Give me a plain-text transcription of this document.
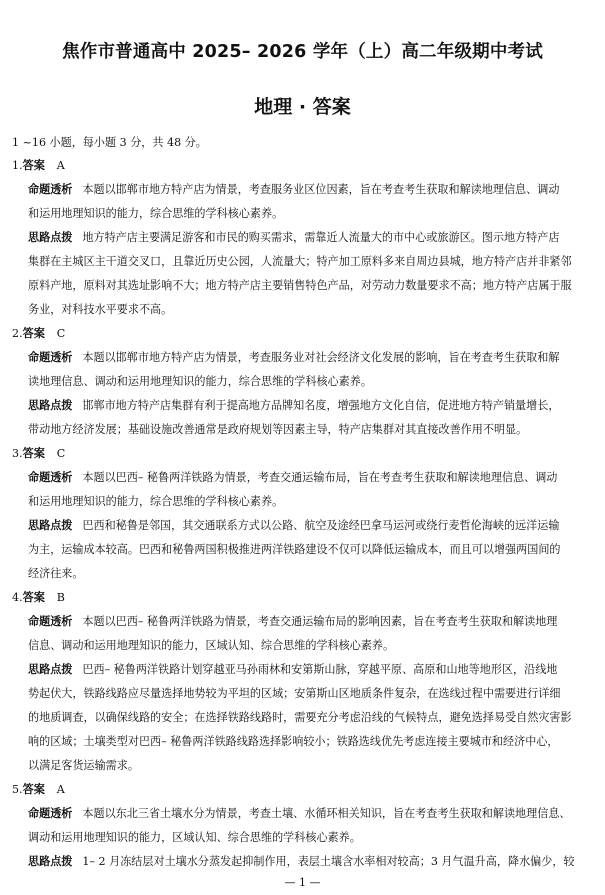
焦作市普通高中 2025– 2026 学年（上）高二年级期中考试
地理 · 答案
1 ~16 小题，每小题 3 分，共 48 分。
1.答案 A
命题透析 本题以邯郸市地方特产店为情景，考查服务业区位因素，旨在考查考生获取和解读地理信息、调动
和运用地理知识的能力，综合思维的学科核心素养。
思路点拨 地方特产店主要满足游客和市民的购买需求，需靠近人流量大的市中心或旅游区。图示地方特产店
集群在主城区主干道交叉口，且靠近历史公园，人流量大；特产加工原料多来自周边县城，地方特产店并非紧邻
原料产地，原料对其选址影响不大；地方特产店主要销售特色产品，对劳动力数量要求不高；地方特产店属于服
务业，对科技水平要求不高。
2.答案 C
命题透析 本题以邯郸市地方特产店为情景，考查服务业对社会经济文化发展的影响，旨在考查考生获取和解
读地理信息、调动和运用地理知识的能力，综合思维的学科核心素养。
思路点拨 邯郸市地方特产店集群有利于提高地方品牌知名度，增强地方文化自信，促进地方特产销量增长，
带动地方经济发展；基础设施改善通常是政府规划等因素主导，特产店集群对其直接改善作用不明显。
3.答案 C
命题透析 本题以巴西– 秘鲁两洋铁路为情景，考查交通运输布局，旨在考查考生获取和解读地理信息、调动
和运用地理知识的能力，综合思维的学科核心素养。
思路点拨 巴西和秘鲁是邻国，其交通联系方式以公路、航空及途经巴拿马运河或绕行麦哲伦海峡的远洋运输
为主，运输成本较高。巴西和秘鲁两国积极推进两洋铁路建设不仅可以降低运输成本，而且可以增强两国间的
经济往来。
4.答案 B
命题透析 本题以巴西– 秘鲁两洋铁路为情景，考查交通运输布局的影响因素，旨在考查考生获取和解读地理
信息、调动和运用地理知识的能力，区域认知、综合思维的学科核心素养。
思路点拨 巴西– 秘鲁两洋铁路计划穿越亚马孙雨林和安第斯山脉，穿越平原、高原和山地等地形区，沿线地
势起伏大，铁路线路应尽量选择地势较为平坦的区域；安第斯山区地质条件复杂，在选线过程中需要进行详细
的地质调查，以确保线路的安全；在选择铁路线路时，需要充分考虑沿线的气候特点，避免选择易受自然灾害影
响的区域；土壤类型对巴西– 秘鲁两洋铁路线路选择影响较小；铁路选线优先考虑连接主要城市和经济中心，
以满足客货运输需求。
5.答案 A
命题透析 本题以东北三省土壤水分为情景，考查土壤、水循环相关知识，旨在考查考生获取和解读地理信息、
调动和运用地理知识的能力，区域认知、综合思维的学科核心素养。
思路点拨 1– 2 月冻结层对土壤水分蒸发起抑制作用，表层土壤含水率相对较高；3 月气温升高，降水偏少，较
— 1 —
